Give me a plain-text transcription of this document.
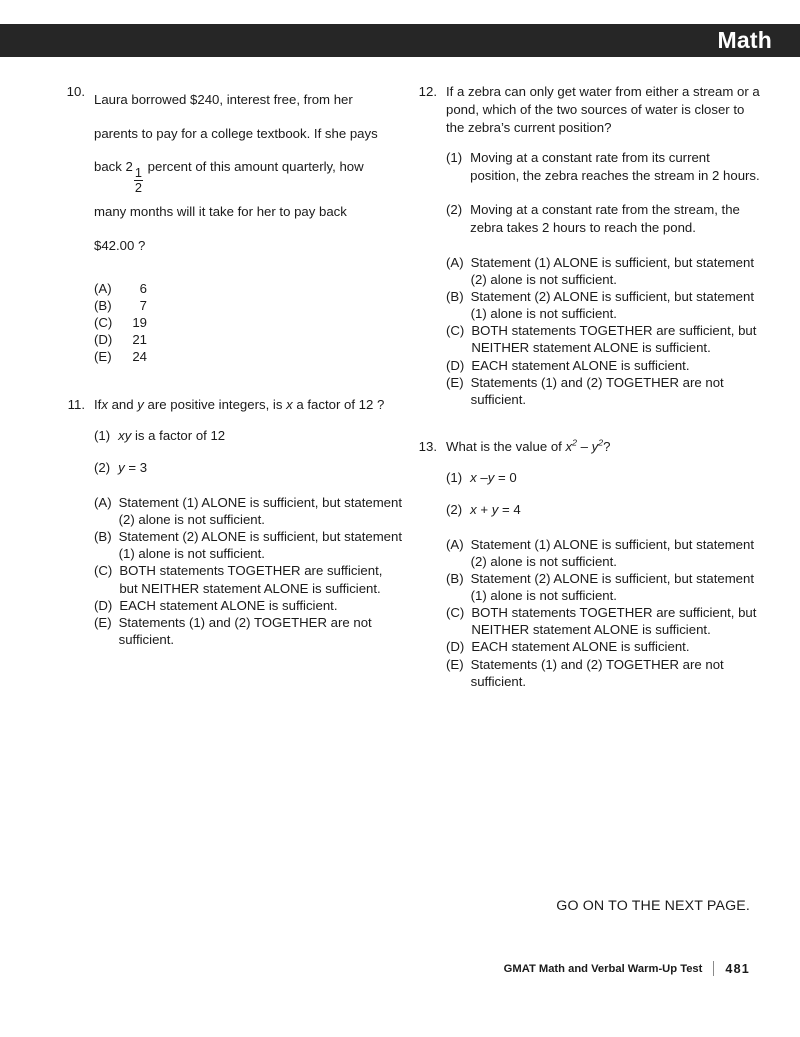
Math
10.
Laura borrowed $240, interest free, from her
parents to pay for a college textbook. If she pays
back $2 \frac{1}{2}$ percent of this amount quarterly, how
many months will it take for her to pay back
$42.00 ?
(A)	6
(B)	7
(C)	19
(D)	21
(E)	24
11. Ifx and y are positive integers, is x a factor of 12 ?
(1) xy is a factor of 12
(2) y = 3
(A) Statement (1) ALONE is sufficient, but statement (2) alone is not sufficient.
(B) Statement (2) ALONE is sufficient, but statement (1) alone is not sufficient.
(C) BOTH statements TOGETHER are sufficient, but NEITHER statement ALONE is sufficient.
(D) EACH statement ALONE is sufficient.
(E) Statements (1) and (2) TOGETHER are not sufficient.
12. If a zebra can only get water from either a stream or a pond, which of the two sources of water is closer to the zebra’s current position?
(1) Moving at a constant rate from its current position, the zebra reaches the stream in 2 hours.
(2) Moving at a constant rate from the stream, the zebra takes 2 hours to reach the pond.
(A) Statement (1) ALONE is sufficient, but statement (2) alone is not sufficient.
(B) Statement (2) ALONE is sufficient, but statement (1) alone is not sufficient.
(C) BOTH statements TOGETHER are sufficient, but NEITHER statement ALONE is sufficient.
(D) EACH statement ALONE is sufficient.
(E) Statements (1) and (2) TOGETHER are not sufficient.
13. What is the value of $x^2 - y^2$?
(1) x –y = 0
(2) x + y = 4
(A) Statement (1) ALONE is sufficient, but statement (2) alone is not sufficient.
(B) Statement (2) ALONE is sufficient, but statement (1) alone is not sufficient.
(C) BOTH statements TOGETHER are sufficient, but NEITHER statement ALONE is sufficient.
(D) EACH statement ALONE is sufficient.
(E) Statements (1) and (2) TOGETHER are not sufficient.
GO ON TO THE NEXT PAGE.
GMAT Math and Verbal Warm-Up Test 481
